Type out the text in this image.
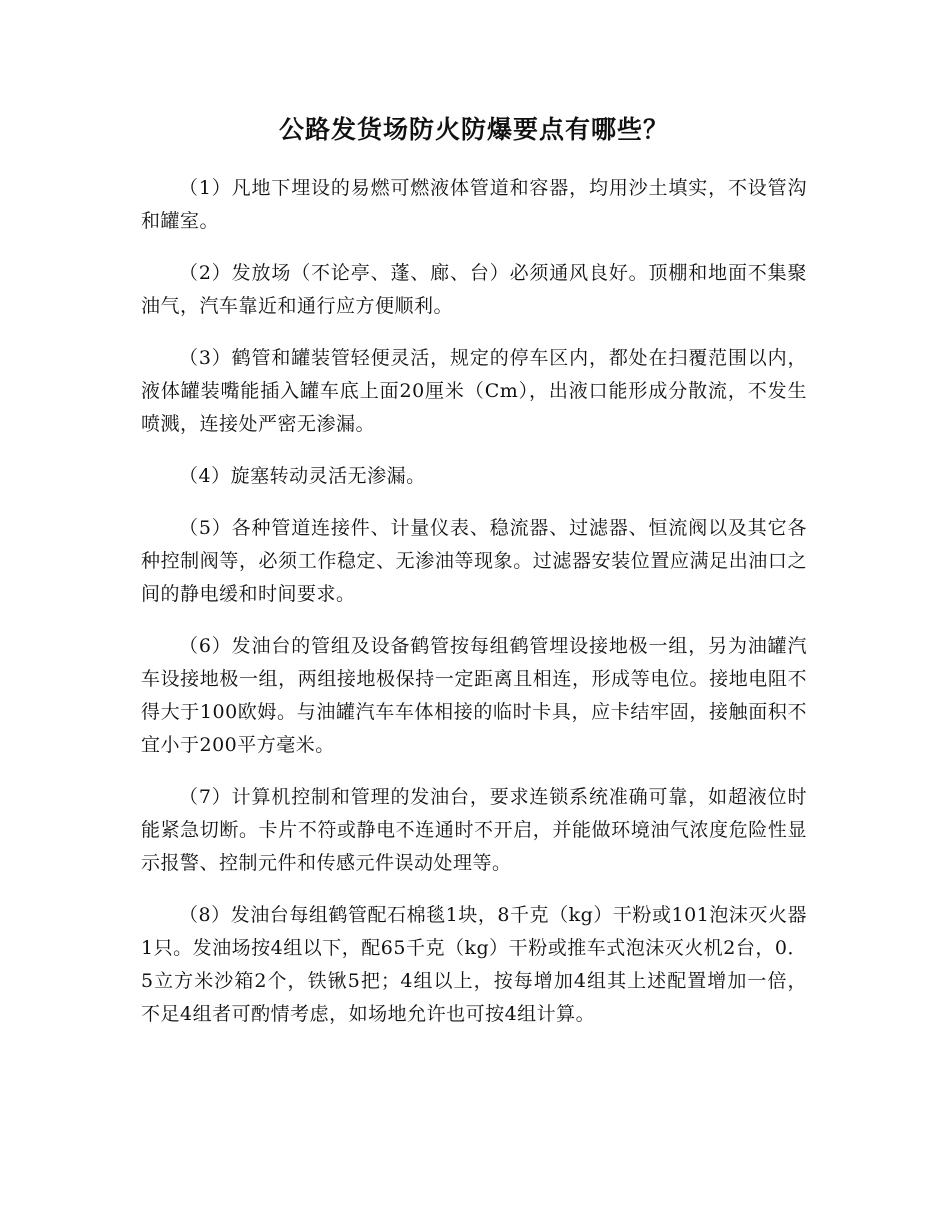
公路发货场防火防爆要点有哪些？

（1）凡地下埋设的易燃可燃液体管道和容器，均用沙土填实，不设管沟和罐室。

（2）发放场（不论亭、蓬、廊、台）必须通风良好。顶棚和地面不集聚油气，汽车靠近和通行应方便顺利。

（3）鹤管和罐装管轻便灵活，规定的停车区内，都处在扫覆范围以内，液体罐装嘴能插入罐车底上面20厘米（Cm），出液口能形成分散流，不发生喷溅，连接处严密无渗漏。

（4）旋塞转动灵活无渗漏。

（5）各种管道连接件、计量仪表、稳流器、过滤器、恒流阀以及其它各种控制阀等，必须工作稳定、无渗油等现象。过滤器安装位置应满足出油口之间的静电缓和时间要求。

（6）发油台的管组及设备鹤管按每组鹤管埋设接地极一组，另为油罐汽车设接地极一组，两组接地极保持一定距离且相连，形成等电位。接地电阻不得大于100欧姆。与油罐汽车车体相接的临时卡具，应卡结牢固，接触面积不宜小于200平方毫米。

（7）计算机控制和管理的发油台，要求连锁系统准确可靠，如超液位时能紧急切断。卡片不符或静电不连通时不开启，并能做环境油气浓度危险性显示报警、控制元件和传感元件误动处理等。

（8）发油台每组鹤管配石棉毯1块，8千克（kg）干粉或101泡沫灭火器1只。发油场按4组以下，配65千克（kg）干粉或推车式泡沫灭火机2台，0．5立方米沙箱2个，铁锹5把；4组以上，按每增加4组其上述配置增加一倍，不足4组者可酌情考虑，如场地允许也可按4组计算。
